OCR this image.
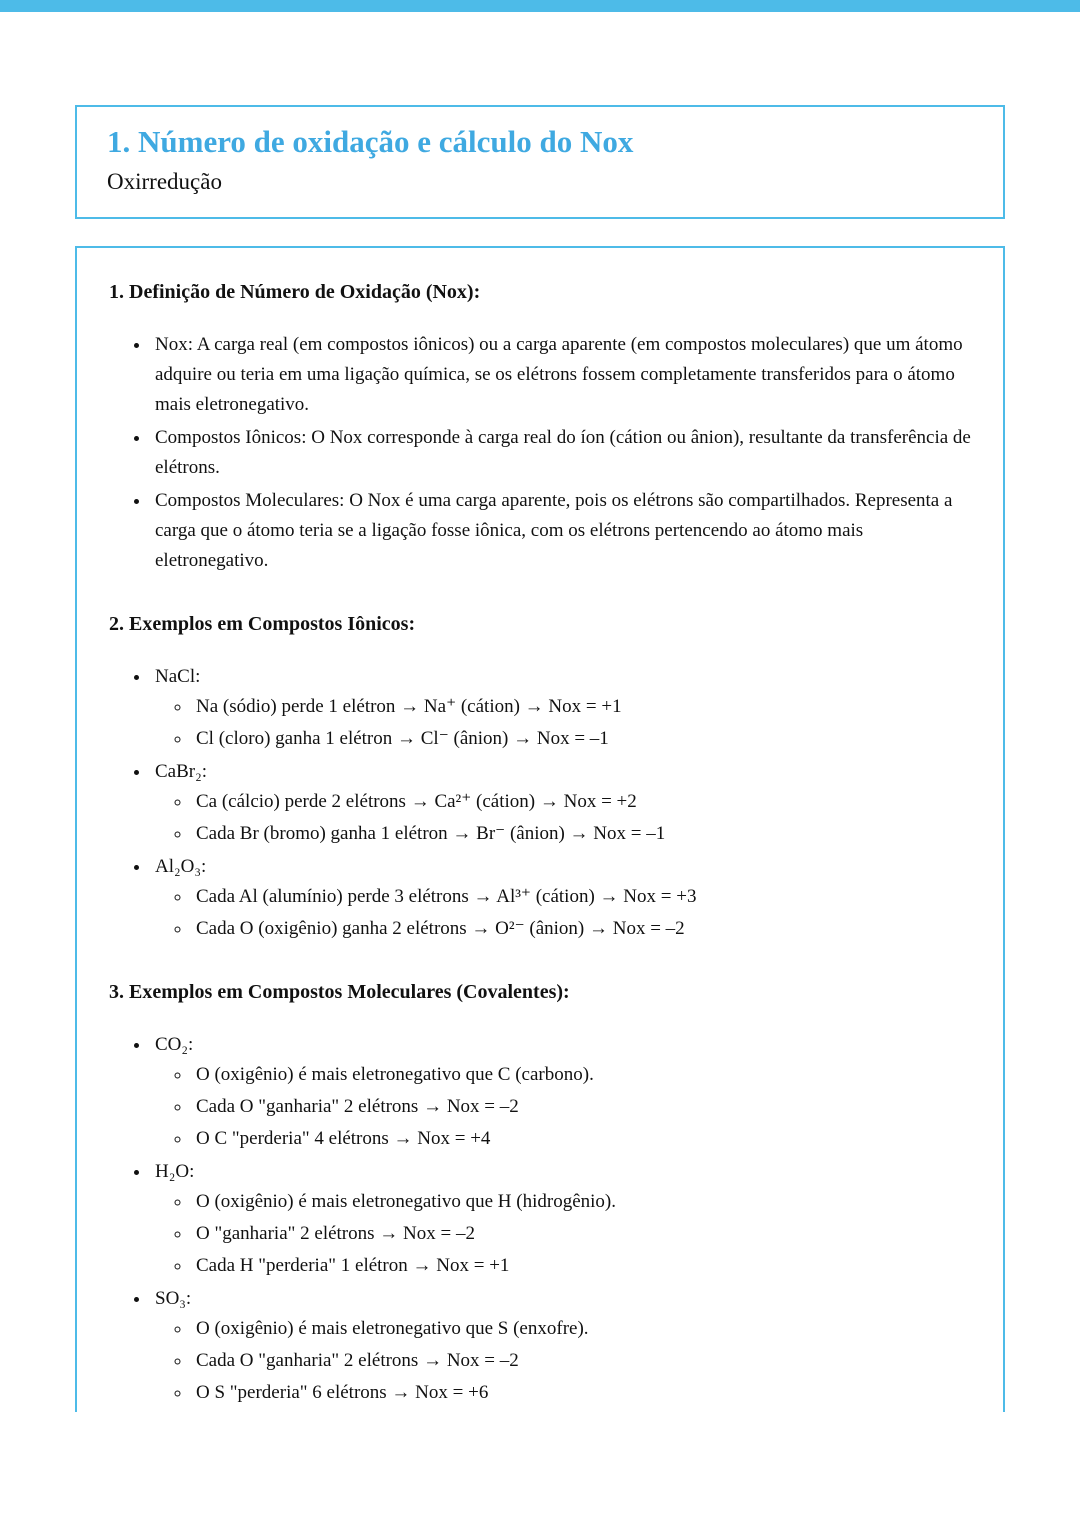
1. Número de oxidação e cálculo do Nox

Oxirredução

1. Definição de Número de Oxidação (Nox):
• Nox: A carga real (em compostos iônicos) ou a carga aparente (em compostos moleculares) que um átomo adquire ou teria em uma ligação química, se os elétrons fossem completamente transferidos para o átomo mais eletronegativo.
• Compostos Iônicos: O Nox corresponde à carga real do íon (cátion ou ânion), resultante da transferência de elétrons.
• Compostos Moleculares: O Nox é uma carga aparente, pois os elétrons são compartilhados. Representa a carga que o átomo teria se a ligação fosse iônica, com os elétrons pertencendo ao átomo mais eletronegativo.
2. Exemplos em Compostos Iônicos:
• NaCl:
◦ Na (sódio) perde 1 elétron → Na⁺ (cátion) → Nox = +1
◦ Cl (cloro) ganha 1 elétron → Cl⁻ (ânion) → Nox = –1
• CaBr₂:
◦ Ca (cálcio) perde 2 elétrons → Ca²⁺ (cátion) → Nox = +2
◦ Cada Br (bromo) ganha 1 elétron → Br⁻ (ânion) → Nox = –1
• Al₂O₃:
◦ Cada Al (alumínio) perde 3 elétrons → Al³⁺ (cátion) → Nox = +3
◦ Cada O (oxigênio) ganha 2 elétrons → O²⁻ (ânion) → Nox = –2
3. Exemplos em Compostos Moleculares (Covalentes):
• CO₂:
◦ O (oxigênio) é mais eletronegativo que C (carbono).
◦ Cada O "ganharia" 2 elétrons → Nox = –2
◦ O C "perderia" 4 elétrons → Nox = +4
• H₂O:
◦ O (oxigênio) é mais eletronegativo que H (hidrogênio).
◦ O "ganharia" 2 elétrons → Nox = –2
◦ Cada H "perderia" 1 elétron → Nox = +1
• SO₃:
◦ O (oxigênio) é mais eletronegativo que S (enxofre).
◦ Cada O "ganharia" 2 elétrons → Nox = –2
◦ O S "perderia" 6 elétrons → Nox = +6
